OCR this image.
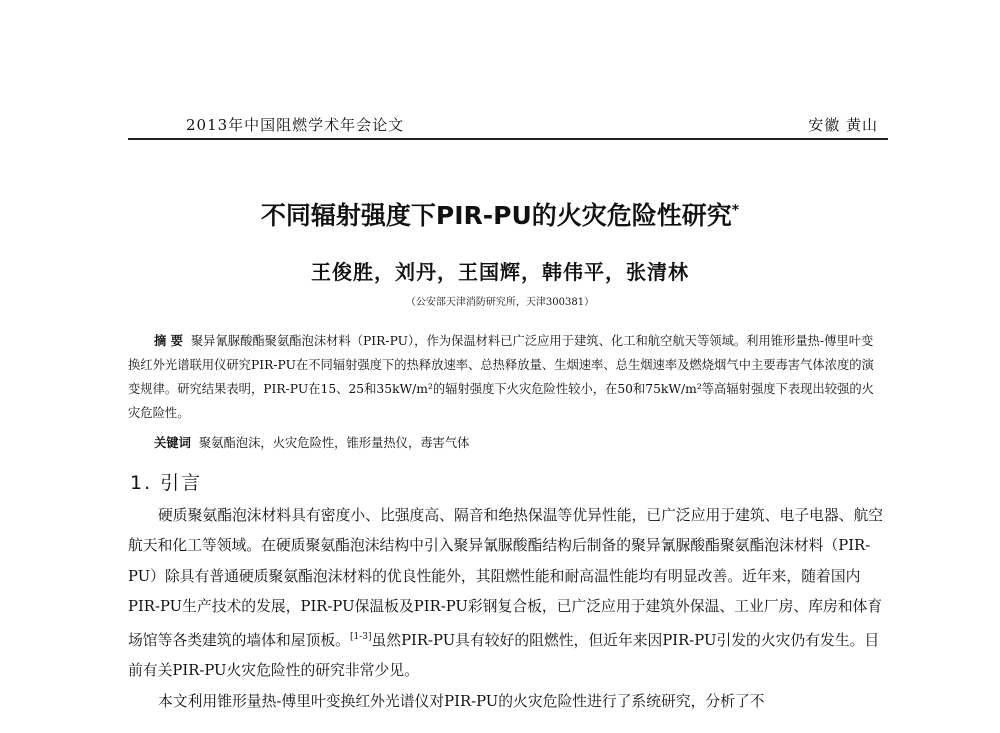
2013年中国阻燃学术年会论文	安徽 黄山
不同辐射强度下PIR-PU的火灾危险性研究*
王俊胜，刘丹，王国辉，韩伟平，张清林
（公安部天津消防研究所，天津300381）

摘 要 聚异氰脲酸酯聚氨酯泡沫材料（PIR-PU），作为保温材料已广泛应用于建筑、化工和航空航天等领域。利用锥形量热-傅里叶变换红外光谱联用仪研究PIR-PU在不同辐射强度下的热释放速率、总热释放量、生烟速率、总生烟速率及燃烧烟气中主要毒害气体浓度的演变规律。研究结果表明，PIR-PU在15、25和35kW/m²的辐射强度下火灾危险性较小，在50和75kW/m²等高辐射强度下表现出较强的火灾危险性。

关键词 聚氨酯泡沫，火灾危险性，锥形量热仪，毒害气体
1. 引言

硬质聚氨酯泡沫材料具有密度小、比强度高、隔音和绝热保温等优异性能，已广泛应用于建筑、电子电器、航空航天和化工等领域。在硬质聚氨酯泡沫结构中引入聚异氰脲酸酯结构后制备的聚异氰脲酸酯聚氨酯泡沫材料（PIR-PU）除具有普通硬质聚氨酯泡沫材料的优良性能外，其阻燃性能和耐高温性能均有明显改善。近年来，随着国内PIR-PU生产技术的发展，PIR-PU保温板及PIR-PU彩钢复合板，已广泛应用于建筑外保温、工业厂房、库房和体育场馆等各类建筑的墙体和屋顶板。[1-3]虽然PIR-PU具有较好的阻燃性，但近年来因PIR-PU引发的火灾仍有发生。目前有关PIR-PU火灾危险性的研究非常少见。

本文利用锥形量热-傅里叶变换红外光谱仪对PIR-PU的火灾危险性进行了系统研究，分析了不
